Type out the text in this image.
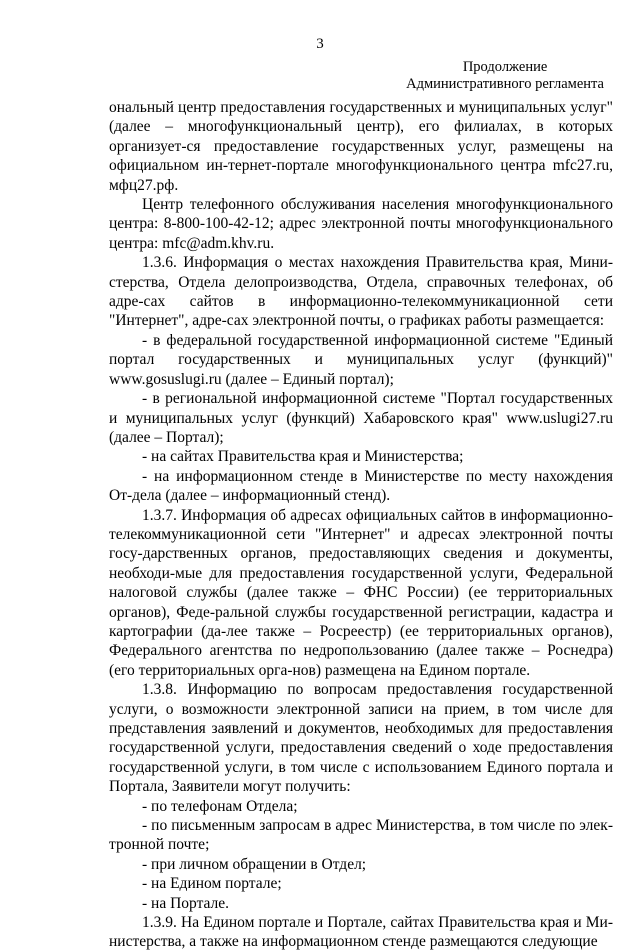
3
Продолжение
Административного регламента

ональный центр предоставления государственных и муниципальных услуг" (далее – многофункциональный центр), его филиалах, в которых организует-ся предоставление государственных услуг, размещены на официальном ин-тернет-портале многофункционального центра mfc27.ru, мфц27.рф.

Центр телефонного обслуживания населения многофункционального центра: 8-800-100-42-12; адрес электронной почты многофункционального центра: mfc@adm.khv.ru.

1.3.6. Информация о местах нахождения Правительства края, Мини-стерства, Отдела делопроизводства, Отдела, справочных телефонах, об адре-сах сайтов в информационно-телекоммуникационной сети "Интернет", адре-сах электронной почты, о графиках работы размещается:

- в федеральной государственной информационной системе "Единый портал государственных и муниципальных услуг (функций)" www.gosuslugi.ru (далее – Единый портал);

- в региональной информационной системе "Портал государственных и муниципальных услуг (функций) Хабаровского края" www.uslugi27.ru (далее – Портал);

- на сайтах Правительства края и Министерства;

- на информационном стенде в Министерстве по месту нахождения От-дела (далее – информационный стенд).

1.3.7. Информация об адресах официальных сайтов в информационно-телекоммуникационной сети "Интернет" и адресах электронной почты госу-дарственных органов, предоставляющих сведения и документы, необходи-мые для предоставления государственной услуги, Федеральной налоговой службы (далее также – ФНС России) (ее территориальных органов), Феде-ральной службы государственной регистрации, кадастра и картографии (да-лее также – Росреестр) (ее территориальных органов), Федерального агентства по недропользованию (далее также – Роснедра) (его территориальных орга-нов) размещена на Едином портале.

1.3.8. Информацию по вопросам предоставления государственной услуги, о возможности электронной записи на прием, в том числе для представления заявлений и документов, необходимых для предоставления государственной услуги, предоставления сведений о ходе предоставления государственной услуги, в том числе с использованием Единого портала и Портала, Заявители могут получить:

- по телефонам Отдела;

- по письменным запросам в адрес Министерства, в том числе по элек-тронной почте;

- при личном обращении в Отдел;

- на Едином портале;

- на Портале.

1.3.9. На Едином портале и Портале, сайтах Правительства края и Ми-нистерства, а также на информационном стенде размещаются следующие
